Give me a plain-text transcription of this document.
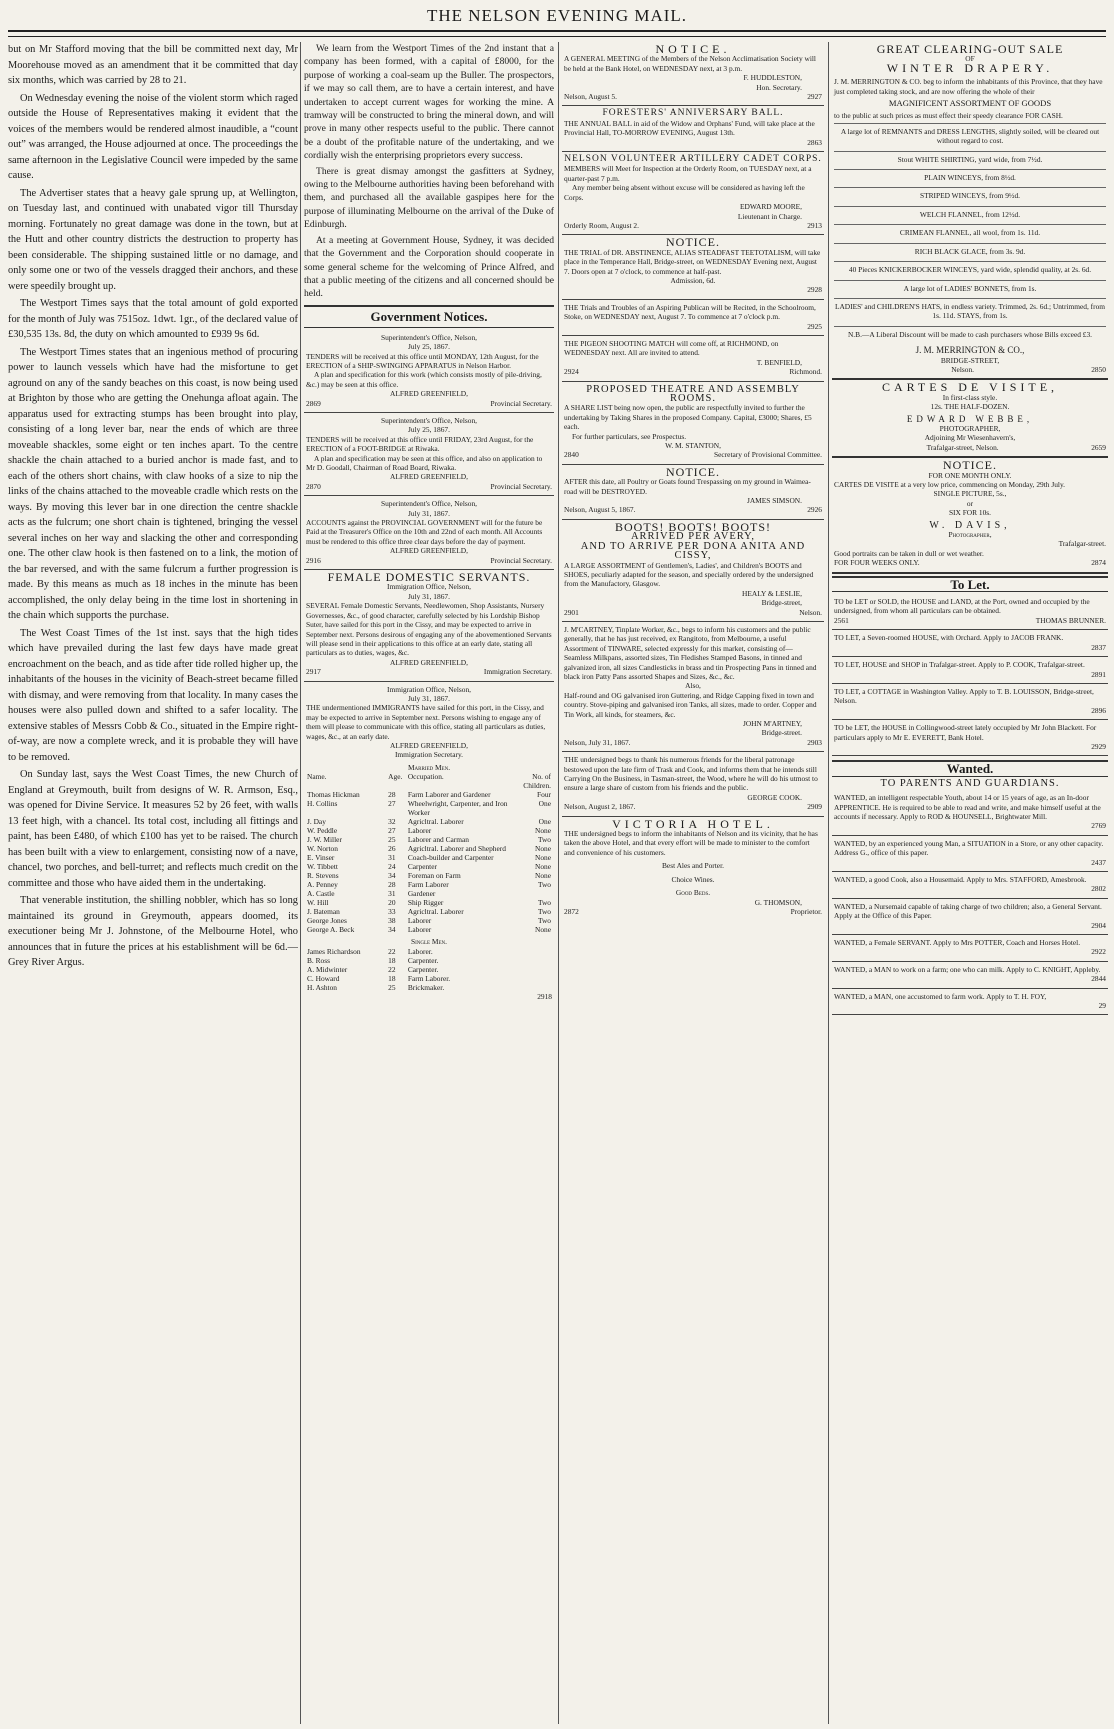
THE NELSON EVENING MAIL.

but on Mr Stafford moving that the bill be committed next day, Mr Moorehouse moved as an amendment that it be committed that day six months, which was carried by 28 to 21.

On Wednesday evening the noise of the violent storm which raged outside the House of Representatives making it evident that the voices of the members would be rendered almost inaudible, a “count out” was arranged, the House adjourned at once. The proceedings the same afternoon in the Legislative Council were impeded by the same cause.

The Advertiser states that a heavy gale sprung up, at Wellington, on Tuesday last, and continued with unabated vigor till Thursday morning. Fortunately no great damage was done in the town, but at the Hutt and other country districts the destruction to property has been considerable. The shipping sustained little or no damage, and only some one or two of the vessels dragged their anchors, and these were speedily brought up.

The Westport Times says that the total amount of gold exported for the month of July was 7515oz. 1dwt. 1gr., of the declared value of £30,535 13s. 8d, the duty on which amounted to £939 9s 6d.

The Westport Times states that an ingenious method of procuring power to launch vessels which have had the misfortune to get aground on any of the sandy beaches on this coast, is now being used at Brighton by those who are getting the Onehunga afloat again. The apparatus used for extracting stumps has been brought into play, consisting of a long lever bar, near the ends of which are three moveable shackles, some eight or ten inches apart. To the centre shackle the chain attached to a buried anchor is made fast, and to each of the others short chains, with claw hooks of a size to nip the links of the chains attached to the moveable cradle which rests on the ways. By moving this lever bar in one direction the centre shackle acts as the fulcrum; one short chain is tightened, bringing the vessel several inches on her way and slacking the other and corresponding one. The other claw hook is then fastened on to a link, the motion of the bar reversed, and with the same fulcrum a further progression is made. By this means as much as 18 inches in the minute has been accomplished, the only delay being in the time lost in shortening in the chain which supports the purchase.

The West Coast Times of the 1st inst. says that the high tides which have prevailed during the last few days have made great encroachment on the beach, and as tide after tide rolled higher up, the inhabitants of the houses in the vicinity of Beach-street became filled with dismay, and were removing from that locality. In many cases the houses were also pulled down and shifted to a safer locality. The extensive stables of Messrs Cobb & Co., situated in the Empire right-of-way, are now a complete wreck, and it is probable they will have to be removed.

On Sunday last, says the West Coast Times, the new Church of England at Greymouth, built from designs of W. R. Armson, Esq., was opened for Divine Service. It measures 52 by 26 feet, with walls 13 feet high, with a chancel. Its total cost, including all fittings and paint, has been £480, of which £100 has yet to be raised. The church has been built with a view to enlargement, consisting now of a nave, chancel, two porches, and bell-turret; and reflects much credit on the committee and those who have aided them in the undertaking.

That venerable institution, the shilling nobbler, which has so long maintained its ground in Greymouth, appears doomed, its executioner being Mr J. Johnstone, of the Melbourne Hotel, who announces that in future the prices at his establishment will be 6d.—Grey River Argus.

We learn from the Westport Times of the 2nd instant that a company has been formed, with a capital of £8000, for the purpose of working a coal-seam up the Buller. The prospectors, if we may so call them, are to have a certain interest, and have undertaken to accept current wages for working the mine. A tramway will be constructed to bring the mineral down, and will prove in many other respects useful to the public. There cannot be a doubt of the profitable nature of the undertaking, and we cordially wish the enterprising proprietors every success.

There is great dismay amongst the gasfitters at Sydney, owing to the Melbourne authorities having been beforehand with them, and purchased all the available gaspipes here for the purpose of illuminating Melbourne on the arrival of the Duke of Edinburgh.

At a meeting at Government House, Sydney, it was decided that the Government and the Corporation should cooperate in some general scheme for the welcoming of Prince Alfred, and that a public meeting of the citizens and all concerned should be held.

Government Notices.
Superintendent's Office, Nelson,
July 25, 1867.

TENDERS will be received at this office until MONDAY, 12th August, for the ERECTION of a SHIP-SWINGING APPARATUS in Nelson Harbor.

A plan and specification for this work (which consists mostly of pile-driving, &c.) may be seen at this office.

ALFRED GREENFIELD,
2869	Provincial Secretary.
Superintendent's Office, Nelson,
July 25, 1867.

TENDERS will be received at this office until FRIDAY, 23rd August, for the ERECTION of a FOOT-BRIDGE at Riwaka.

A plan and specification may be seen at this office, and also on application to Mr D. Goodall, Chairman of Road Board, Riwaka.

ALFRED GREENFIELD,
2870	Provincial Secretary.
Superintendent's Office, Nelson,
July 31, 1867.

ACCOUNTS against the PROVINCIAL GOVERNMENT will for the future be Paid at the Treasurer's Office on the 10th and 22nd of each month. All Accounts must be rendered to this office three clear days before the day of payment.

ALFRED GREENFIELD,
2916	Provincial Secretary.
FEMALE DOMESTIC SERVANTS.
Immigration Office, Nelson,
July 31, 1867.

SEVERAL Female Domestic Servants, Needlewomen, Shop Assistants, Nursery Governesses, &c., of good character, carefully selected by his Lordship Bishop Suter, have sailed for this port in the Cissy, and may be expected to arrive in September next. Persons desirous of engaging any of the abovementioned Servants will please send in their applications to this office at an early date, stating all particulars as to duties, wages, &c.

ALFRED GREENFIELD,
2917	Immigration Secretary.
Immigration Office, Nelson,
July 31, 1867.

THE undermentioned IMMIGRANTS have sailed for this port, in the Cissy, and may be expected to arrive in September next. Persons wishing to engage any of them will please to communicate with this office, stating all particulars as duties, wages, &c., at an early date.

ALFRED GREENFIELD,
Immigration Secretary.
Married Men.
Name.	Age.	Occupation.	No. of Children.
Thomas Hickman	28	Farm Laborer and Gardener	Four
H. Collins	27	Wheelwright, Carpenter, and Iron Worker	One
J. Day	32	Agricltral. Laborer	One
W. Peddle	27	Laborer	None
J. W. Miller	25	Laborer and Carman	Two
W. Norton	26	Agricltral. Laborer and Shepherd	None
E. Vinser	31	Coach-builder and Carpenter	None
W. Tibbett	24	Carpenter	None
R. Stevens	34	Foreman on Farm	None
A. Penney	28	Farm Laborer	Two
A. Castle	31	Gardener	
W. Hill	20	Ship Rigger	Two
J. Bateman	33	Agricltral. Laborer	Two
George Jones	38	Laborer	Two
George A. Beck	34	Laborer	None
Single Men.
James Richardson	22	Laborer.
B. Ross	18	Carpenter.
A. Midwinter	22	Carpenter.
C. Howard	18	Farm Laborer.
H. Ashton	25	Brickmaker.
2918
NOTICE.

A GENERAL MEETING of the Members of the Nelson Acclimatisation Society will be held at the Bank Hotel, on WEDNESDAY next, at 3 p.m.

F. HUDDLESTON,
Hon. Secretary.
Nelson, August 5.	2927
FORESTERS' ANNIVERSARY BALL.

THE ANNUAL BALL in aid of the Widow and Orphans' Fund, will take place at the Provincial Hall, TO-MORROW EVENING, August 13th.

2863
NELSON VOLUNTEER ARTILLERY CADET CORPS.

MEMBERS will Meet for Inspection at the Orderly Room, on TUESDAY next, at a quarter-past 7 p.m.

Any member being absent without excuse will be considered as having left the Corps.

EDWARD MOORE,
Lieutenant in Charge.
Orderly Room, August 2.	2913
NOTICE.

THE TRIAL of DR. ABSTINENCE, ALIAS STEADFAST TEETOTALISM, will take place in the Temperance Hall, Bridge-street, on WEDNESDAY Evening next, August 7. Doors open at 7 o'clock, to commence at half-past.

Admission, 6d.
2928

THE Trials and Troubles of an Aspiring Publican will be Recited, in the Schoolroom, Stoke, on WEDNESDAY next, August 7. To commence at 7 o'clock p.m.

2925

THE PIGEON SHOOTING MATCH will come off, at RICHMOND, on WEDNESDAY next. All are invited to attend.

T. BENFIELD,
2924	Richmond.
PROPOSED THEATRE AND ASSEMBLY ROOMS.

A SHARE LIST being now open, the public are respectfully invited to further the undertaking by Taking Shares in the proposed Company. Capital, £3000; Shares, £5 each.

For further particulars, see Prospectus.

W. M. STANTON,
2840	Secretary of Provisional Committee.
NOTICE.

AFTER this date, all Poultry or Goats found Trespassing on my ground in Waimea-road will be DESTROYED.

JAMES SIMSON.
Nelson, August 5, 1867.	2926
BOOTS! BOOTS! BOOTS!
ARRIVED PER AVERY,
AND TO ARRIVE PER DONA ANITA AND CISSY,

A LARGE ASSORTMENT of Gentlemen's, Ladies', and Children's BOOTS and SHOES, peculiarly adapted for the season, and specially ordered by the undersigned from the Manufactory, Glasgow.

HEALY & LESLIE,
Bridge-street,
2901	Nelson.

J. M'CARTNEY, Tinplate Worker, &c., begs to inform his customers and the public generally, that he has just received, ex Rangitoto, from Melbourne, a useful Assortment of TINWARE, selected expressly for this market, consisting of—

Seamless Milkpans, assorted sizes, Tin Fledishes Stamped Basons, in tinned and galvanized iron, all sizes Candlesticks in brass and tin Prospecting Pans in tinned and black iron Patty Pans assorted Shapes and Sizes, &c., &c.

Also,

Half-round and OG galvanised iron Guttering, and Ridge Capping fixed in town and country. Stove-piping and galvanised iron Tanks, all sizes, made to order. Copper and Tin Work, all kinds, for steamers, &c.

JOHN M'ARTNEY,
Bridge-street.
Nelson, July 31, 1867.	2903

THE undersigned begs to thank his numerous friends for the liberal patronage bestowed upon the late firm of Trask and Cook, and informs them that he intends still Carrying On the Business, in Tasman-street, the Wood, where he will do his utmost to ensure a large share of custom from his friends and the public.

GEORGE COOK.
Nelson, August 2, 1867.	2909
VICTORIA HOTEL.

THE undersigned begs to inform the inhabitants of Nelson and its vicinity, that he has taken the above Hotel, and that every effort will be made to minister to the comfort and convenience of his customers.

Best Ales and Porter.
Choice Wines.
Good Beds.
G. THOMSON,
2872	Proprietor.
GREAT CLEARING-OUT SALE
OF
WINTER DRAPERY.

J. M. MERRINGTON & CO. beg to inform the inhabitants of this Province, that they have just completed taking stock, and are now offering the whole of their

MAGNIFICENT ASSORTMENT OF GOODS

to the public at such prices as must effect their speedy clearance FOR CASH.

A large lot of REMNANTS and DRESS LENGTHS, slightly soiled, will be cleared out without regard to cost.
Stout WHITE SHIRTING, yard wide, from 7½d.
PLAIN WINCEYS, from 8½d.
STRIPED WINCEYS, from 9½d.
WELCH FLANNEL, from 12½d.
CRIMEAN FLANNEL, all wool, from 1s. 11d.
RICH BLACK GLACE, from 3s. 9d.
40 Pieces KNICKERBOCKER WINCEYS, yard wide, splendid quality, at 2s. 6d.
A large lot of LADIES' BONNETS, from 1s.
LADIES' and CHILDREN'S HATS, in endless variety. Trimmed, 2s. 6d.; Untrimmed, from 1s. 11d. STAYS, from 1s.
N.B.—A Liberal Discount will be made to cash purchasers whose Bills exceed £3.
J. M. MERRINGTON & CO.,
BRIDGE-STREET,
Nelson.	2850
CARTES DE VISITE,
In first-class style.
12s. THE HALF-DOZEN.
EDWARD WEBBE,
PHOTOGRAPHER,
Adjoining Mr Wiesenhavern's,
Trafalgar-street, Nelson.	2659
NOTICE.
FOR ONE MONTH ONLY.

CARTES DE VISITE at a very low price, commencing on Monday, 29th July.

SINGLE PICTURE, 5s.,
or
SIX FOR 10s.
W. DAVIS,
Photographer,
Trafalgar-street.
Good portraits can be taken in dull or wet weather.
FOR FOUR WEEKS ONLY.	2874
To Let.

TO be LET or SOLD, the HOUSE and LAND, at the Port, owned and occupied by the undersigned, from whom all particulars can be obtained.

2561	THOMAS BRUNNER.

TO LET, a Seven-roomed HOUSE, with Orchard. Apply to JACOB FRANK.

2837

TO LET, HOUSE and SHOP in Trafalgar-street. Apply to P. COOK, Trafalgar-street.

2891

TO LET, a COTTAGE in Washington Valley. Apply to T. B. LOUISSON, Bridge-street, Nelson.

2896

TO be LET, the HOUSE in Collingwood-street lately occupied by Mr John Blackett. For particulars apply to Mr E. EVERETT, Bank Hotel.

2929
Wanted.
TO PARENTS AND GUARDIANS.

WANTED, an intelligent respectable Youth, about 14 or 15 years of age, as an In-door APPRENTICE. He is required to be able to read and write, and make himself useful at the accounts if necessary. Apply to ROD & HOUNSELL, Brightwater Mill.

2769

WANTED, by an experienced young Man, a SITUATION in a Store, or any other capacity. Address G., office of this paper.

2437

WANTED, a good Cook, also a Housemaid. Apply to Mrs. STAFFORD, Amesbrook.

2802

WANTED, a Nursemaid capable of taking charge of two children; also, a General Servant. Apply at the Office of this Paper.

2904

WANTED, a Female SERVANT. Apply to Mrs POTTER, Coach and Horses Hotel.

2922

WANTED, a MAN to work on a farm; one who can milk. Apply to C. KNIGHT, Appleby.

2844

WANTED, a MAN, one accustomed to farm work. Apply to T. H. FOY,

29
